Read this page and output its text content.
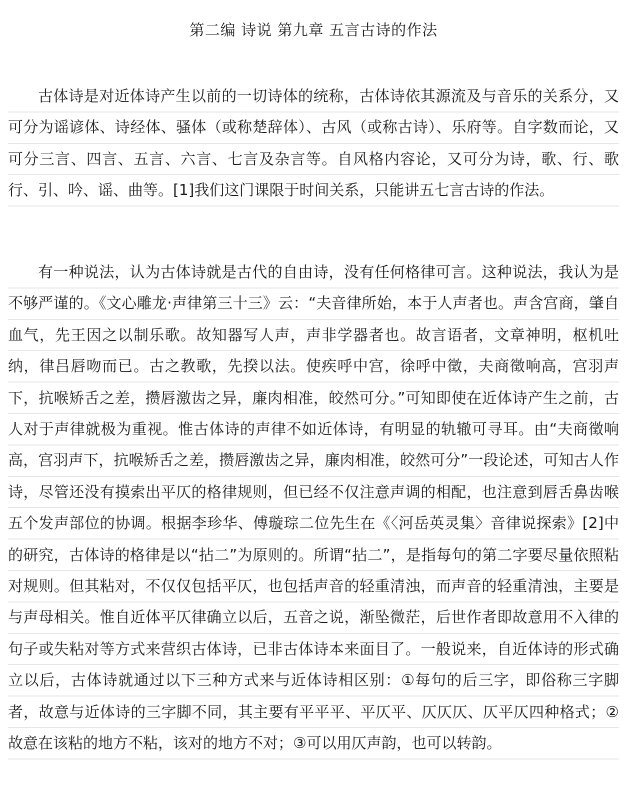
第二编 诗说 第九章 五言古诗的作法

古体诗是对近体诗产生以前的一切诗体的统称，古体诗依其源流及与音乐的关系分，又可分为谣谚体、诗经体、骚体（或称楚辞体）、古风（或称古诗）、乐府等。自字数而论，又可分三言、四言、五言、六言、七言及杂言等。自风格内容论，又可分为诗，歌、行、歌行、引、吟、谣、曲等。[1]我们这门课限于时间关系，只能讲五七言古诗的作法。

有一种说法，认为古体诗就是古代的自由诗，没有任何格律可言。这种说法，我认为是不够严谨的。《文心雕龙·声律第三十三》云：“夫音律所始，本于人声者也。声含宫商，肇自血气，先王因之以制乐歌。故知器写人声，声非学器者也。故言语者，文章神明，枢机吐纳，律吕唇吻而已。古之教歌，先揆以法。使疾呼中宫，徐呼中徵，夫商徵响高，宫羽声下，抗喉矫舌之差，攒唇激齿之异，廉肉相准，皎然可分。”可知即使在近体诗产生之前，古人对于声律就极为重视。惟古体诗的声律不如近体诗，有明显的轨辙可寻耳。由“夫商徵响高，宫羽声下，抗喉矫舌之差，攒唇激齿之异，廉肉相准，皎然可分”一段论述，可知古人作诗，尽管还没有摸索出平仄的格律规则，但已经不仅注意声调的相配，也注意到唇舌鼻齿喉五个发声部位的协调。根据李珍华、傅璇琮二位先生在《〈河岳英灵集〉音律说探索》[2]中的研究，古体诗的格律是以“拈二”为原则的。所谓“拈二”，是指每句的第二字要尽量依照粘对规则。但其粘对，不仅仅包括平仄，也包括声音的轻重清浊，而声音的轻重清浊，主要是与声母相关。惟自近体平仄律确立以后，五音之说，渐坠微茫，后世作者即故意用不入律的句子或失粘对等方式来营织古体诗，已非古体诗本来面目了。一般说来，自近体诗的形式确立以后，古体诗就通过以下三种方式来与近体诗相区别：①每句的后三字，即俗称三字脚者，故意与近体诗的三字脚不同，其主要有平平平、平仄平、仄仄仄、仄平仄四种格式；②故意在该粘的地方不粘，该对的地方不对；③可以用仄声韵，也可以转韵。
